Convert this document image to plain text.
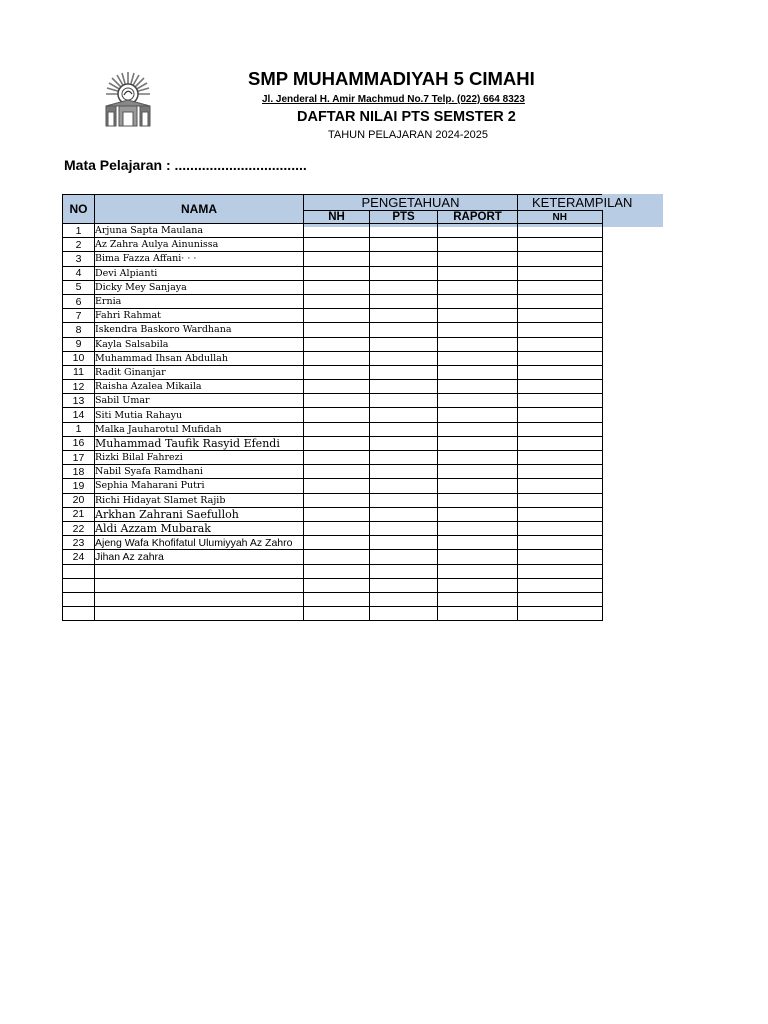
SMP MUHAMMADIYAH 5 CIMAHI
Jl. Jenderal H. Amir Machmud No.7 Telp. (022) 664 8323
DAFTAR NILAI PTS SEMSTER 2
TAHUN PELAJARAN 2024-2025
Mata Pelajaran : ..................................
NO	NAMA	PENGETAHUAN			KETERAMPILAN

		NH	PTS	RAPORT	NH
1	Arjuna Sapta Maulana				
2	Az Zahra Aulya Ainunissa				
3	Bima Fazza Affani· · ·				
4	Devi Alpianti				
5	Dicky Mey Sanjaya				
6	Ernia				
7	Fahri Rahmat				
8	Iskendra Baskoro Wardhana				
9	Kayla Salsabila				
10	Muhammad Ihsan Abdullah				
11	Radit Ginanjar				
12	Raisha Azalea Mikaila				
13	Sabil Umar				
14	Siti Mutia Rahayu				
1	Malka Jauharotul Mufidah				
16	Muhammad Taufik Rasyid Efendi				
17	Rizki Bilal Fahrezi				
18	Nabil Syafa Ramdhani				
19	Sephia Maharani Putri				
20	Richi Hidayat Slamet Rajib				
21	Arkhan Zahrani Saefulloh				
22	Aldi Azzam Mubarak				
23	Ajeng Wafa Khofifatul Ulumiyyah Az Zahro				
24	Jihan Az zahra				
